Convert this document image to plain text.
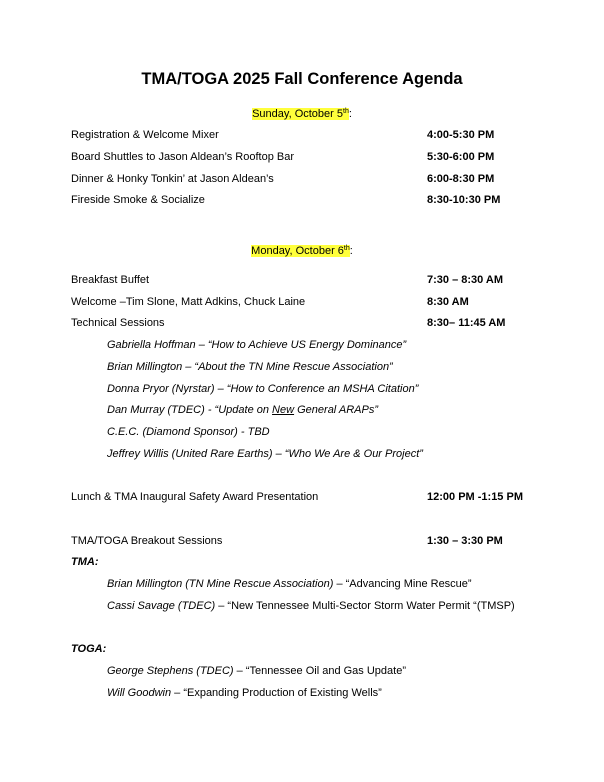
TMA/TOGA 2025 Fall Conference Agenda
Sunday, October 5th:
Registration & Welcome Mixer	4:00-5:30 PM
Board Shuttles to Jason Aldean’s Rooftop Bar	5:30-6:00 PM
Dinner & Honky Tonkin’ at Jason Aldean’s	6:00-8:30 PM
Fireside Smoke & Socialize	8:30-10:30 PM
Monday, October 6th:
Breakfast Buffet	7:30 – 8:30 AM
Welcome –Tim Slone, Matt Adkins, Chuck Laine	8:30 AM
Technical Sessions	8:30– 11:45 AM
Gabriella Hoffman – “How to Achieve US Energy Dominance”
Brian Millington – “About the TN Mine Rescue Association”
Donna Pryor (Nyrstar) – “How to Conference an MSHA Citation”
Dan Murray (TDEC) - “Update on New General ARAPs”
C.E.C. (Diamond Sponsor) - TBD
Jeffrey Willis (United Rare Earths) – “Who We Are & Our Project”
Lunch & TMA Inaugural Safety Award Presentation	12:00 PM -1:15 PM
TMA/TOGA Breakout Sessions	1:30 – 3:30 PM
TMA:
Brian Millington (TN Mine Rescue Association) – “Advancing Mine Rescue”
Cassi Savage (TDEC) – “New Tennessee Multi-Sector Storm Water Permit “(TMSP)
TOGA:
George Stephens (TDEC) – “Tennessee Oil and Gas Update”
Will Goodwin – “Expanding Production of Existing Wells”
